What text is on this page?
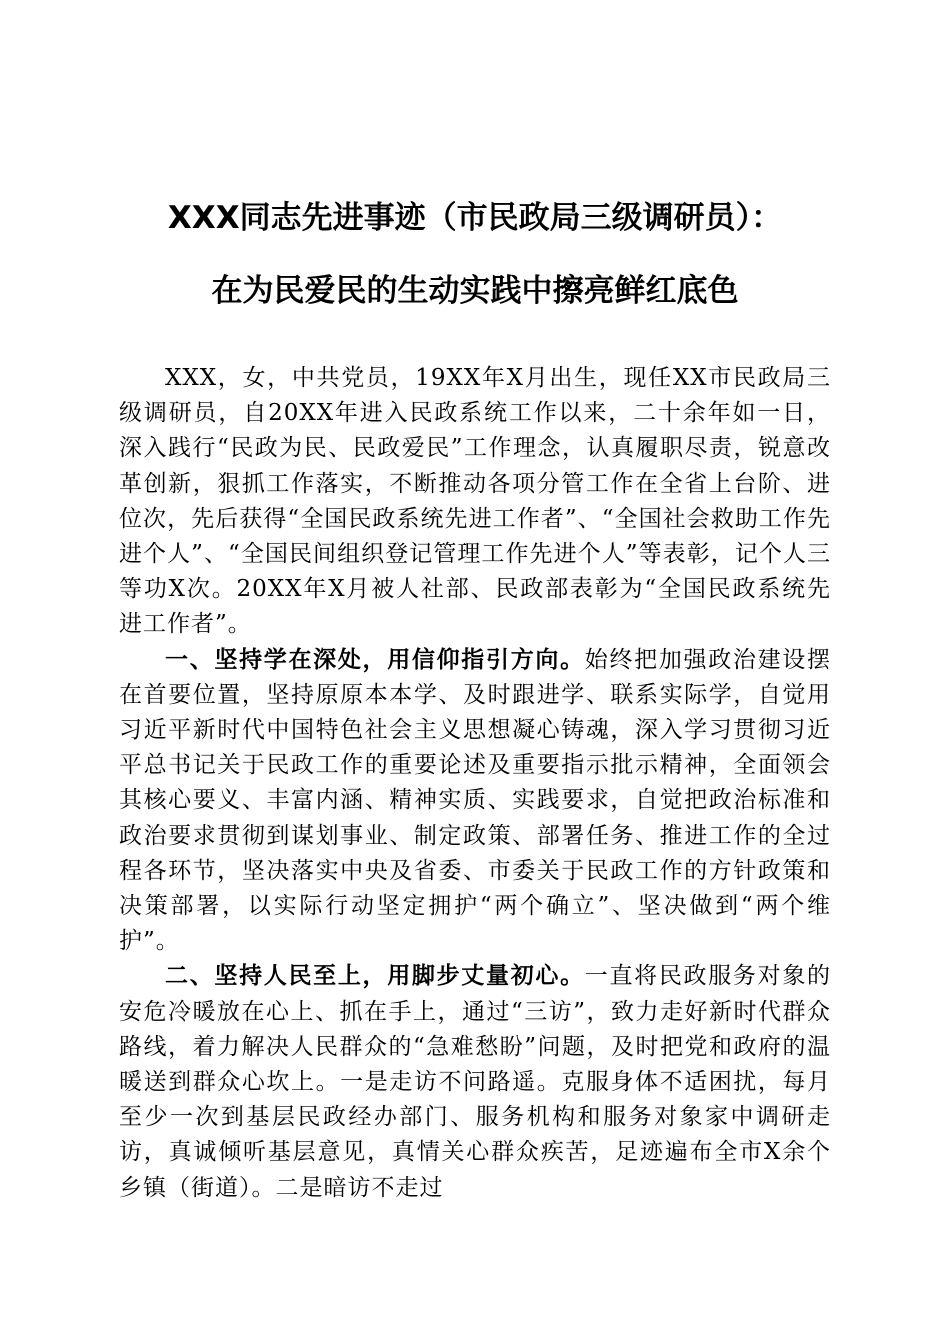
XXX同志先进事迹（市民政局三级调研员）：
在为民爱民的生动实践中擦亮鲜红底色

XXX，女，中共党员，19XX年X月出生，现任XX市民政局三级调研员，自20XX年进入民政系统工作以来，二十余年如一日，深入践行“民政为民、民政爱民”工作理念，认真履职尽责，锐意改革创新，狠抓工作落实，不断推动各项分管工作在全省上台阶、进位次，先后获得“全国民政系统先进工作者”、“全国社会救助工作先进个人”、“全国民间组织登记管理工作先进个人”等表彰，记个人三等功X次。20XX年X月被人社部、民政部表彰为“全国民政系统先进工作者”。

一、坚持学在深处，用信仰指引方向。始终把加强政治建设摆在首要位置，坚持原原本本学、及时跟进学、联系实际学，自觉用习近平新时代中国特色社会主义思想凝心铸魂，深入学习贯彻习近平总书记关于民政工作的重要论述及重要指示批示精神，全面领会其核心要义、丰富内涵、精神实质、实践要求，自觉把政治标准和政治要求贯彻到谋划事业、制定政策、部署任务、推进工作的全过程各环节，坚决落实中央及省委、市委关于民政工作的方针政策和决策部署，以实际行动坚定拥护“两个确立”、坚决做到“两个维护”。

二、坚持人民至上，用脚步丈量初心。一直将民政服务对象的安危冷暖放在心上、抓在手上，通过“三访”，致力走好新时代群众路线，着力解决人民群众的“急难愁盼”问题，及时把党和政府的温暖送到群众心坎上。一是走访不问路遥。克服身体不适困扰，每月至少一次到基层民政经办部门、服务机构和服务对象家中调研走访，真诚倾听基层意见，真情关心群众疾苦，足迹遍布全市X余个乡镇（街道）。二是暗访不走过
